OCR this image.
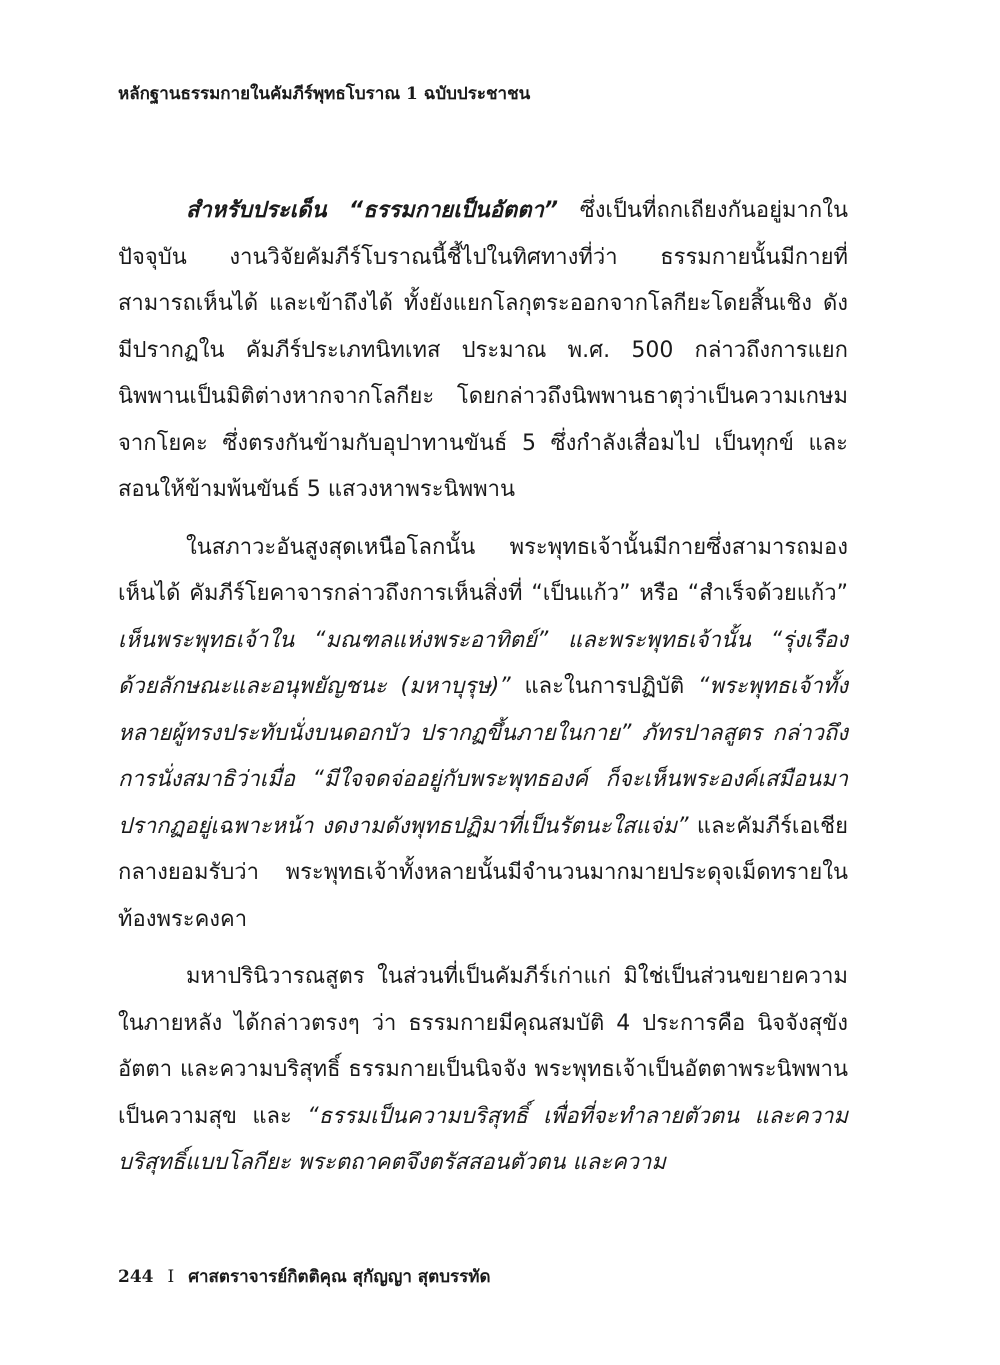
หลักฐานธรรมกายในคัมภีร์พุทธโบราณ 1 ฉบับประชาชน

สำหรับประเด็น “ธรรมกายเป็นอัตตา” ซึ่งเป็นที่ถกเถียงกันอยู่มากในปัจจุบัน งานวิจัยคัมภีร์โบราณนี้ชี้ไปในทิศทางที่ว่า ธรรมกายนั้นมีกายที่สามารถเห็นได้ และเข้าถึงได้ ทั้งยังแยกโลกุตระออกจากโลกียะโดยสิ้นเชิง ดังมีปรากฏใน คัมภีร์ประเภทนิทเทส ประมาณ พ.ศ. 500 กล่าวถึงการแยกนิพพานเป็นมิติต่างหากจากโลกียะ โดยกล่าวถึงนิพพานธาตุว่าเป็นความเกษมจากโยคะ ซึ่งตรงกันข้ามกับอุปาทานขันธ์ 5 ซึ่งกำลังเสื่อมไป เป็นทุกข์ และสอนให้ข้ามพ้นขันธ์ 5 แสวงหาพระนิพพาน

ในสภาวะอันสูงสุดเหนือโลกนั้น พระพุทธเจ้านั้นมีกายซึ่งสามารถมองเห็นได้ คัมภีร์โยคาจารกล่าวถึงการเห็นสิ่งที่ “เป็นแก้ว” หรือ “สำเร็จด้วยแก้ว” เห็นพระพุทธเจ้าใน “มณฑลแห่งพระอาทิตย์” และพระพุทธเจ้านั้น “รุ่งเรืองด้วยลักษณะและอนุพยัญชนะ (มหาบุรุษ)” และในการปฏิบัติ “พระพุทธเจ้าทั้งหลายผู้ทรงประทับนั่งบนดอกบัว ปรากฏขึ้นภายในกาย” ภัทรปาลสูตร กล่าวถึงการนั่งสมาธิว่าเมื่อ “มีใจจดจ่ออยู่กับพระพุทธองค์ ก็จะเห็นพระองค์เสมือนมาปรากฏอยู่เฉพาะหน้า งดงามดังพุทธปฏิมาที่เป็นรัตนะใสแจ่ม” และคัมภีร์เอเชียกลางยอมรับว่า พระพุทธเจ้าทั้งหลายนั้นมีจำนวนมากมายประดุจเม็ดทรายในท้องพระคงคา

มหาปรินิวารณสูตร ในส่วนที่เป็นคัมภีร์เก่าแก่ มิใช่เป็นส่วนขยายความในภายหลัง ได้กล่าวตรงๆ ว่า ธรรมกายมีคุณสมบัติ 4 ประการคือ นิจจังสุขัง อัตตา และความบริสุทธิ์ ธรรมกายเป็นนิจจัง พระพุทธเจ้าเป็นอัตตาพระนิพพานเป็นความสุข และ “ธรรมเป็นความบริสุทธิ์ เพื่อที่จะทำลายตัวตน และความบริสุทธิ์แบบโลกียะ พระตถาคตจึงตรัสสอนตัวตน และความ

244 I ศาสตราจารย์กิตติคุณ สุกัญญา สุตบรรทัด
